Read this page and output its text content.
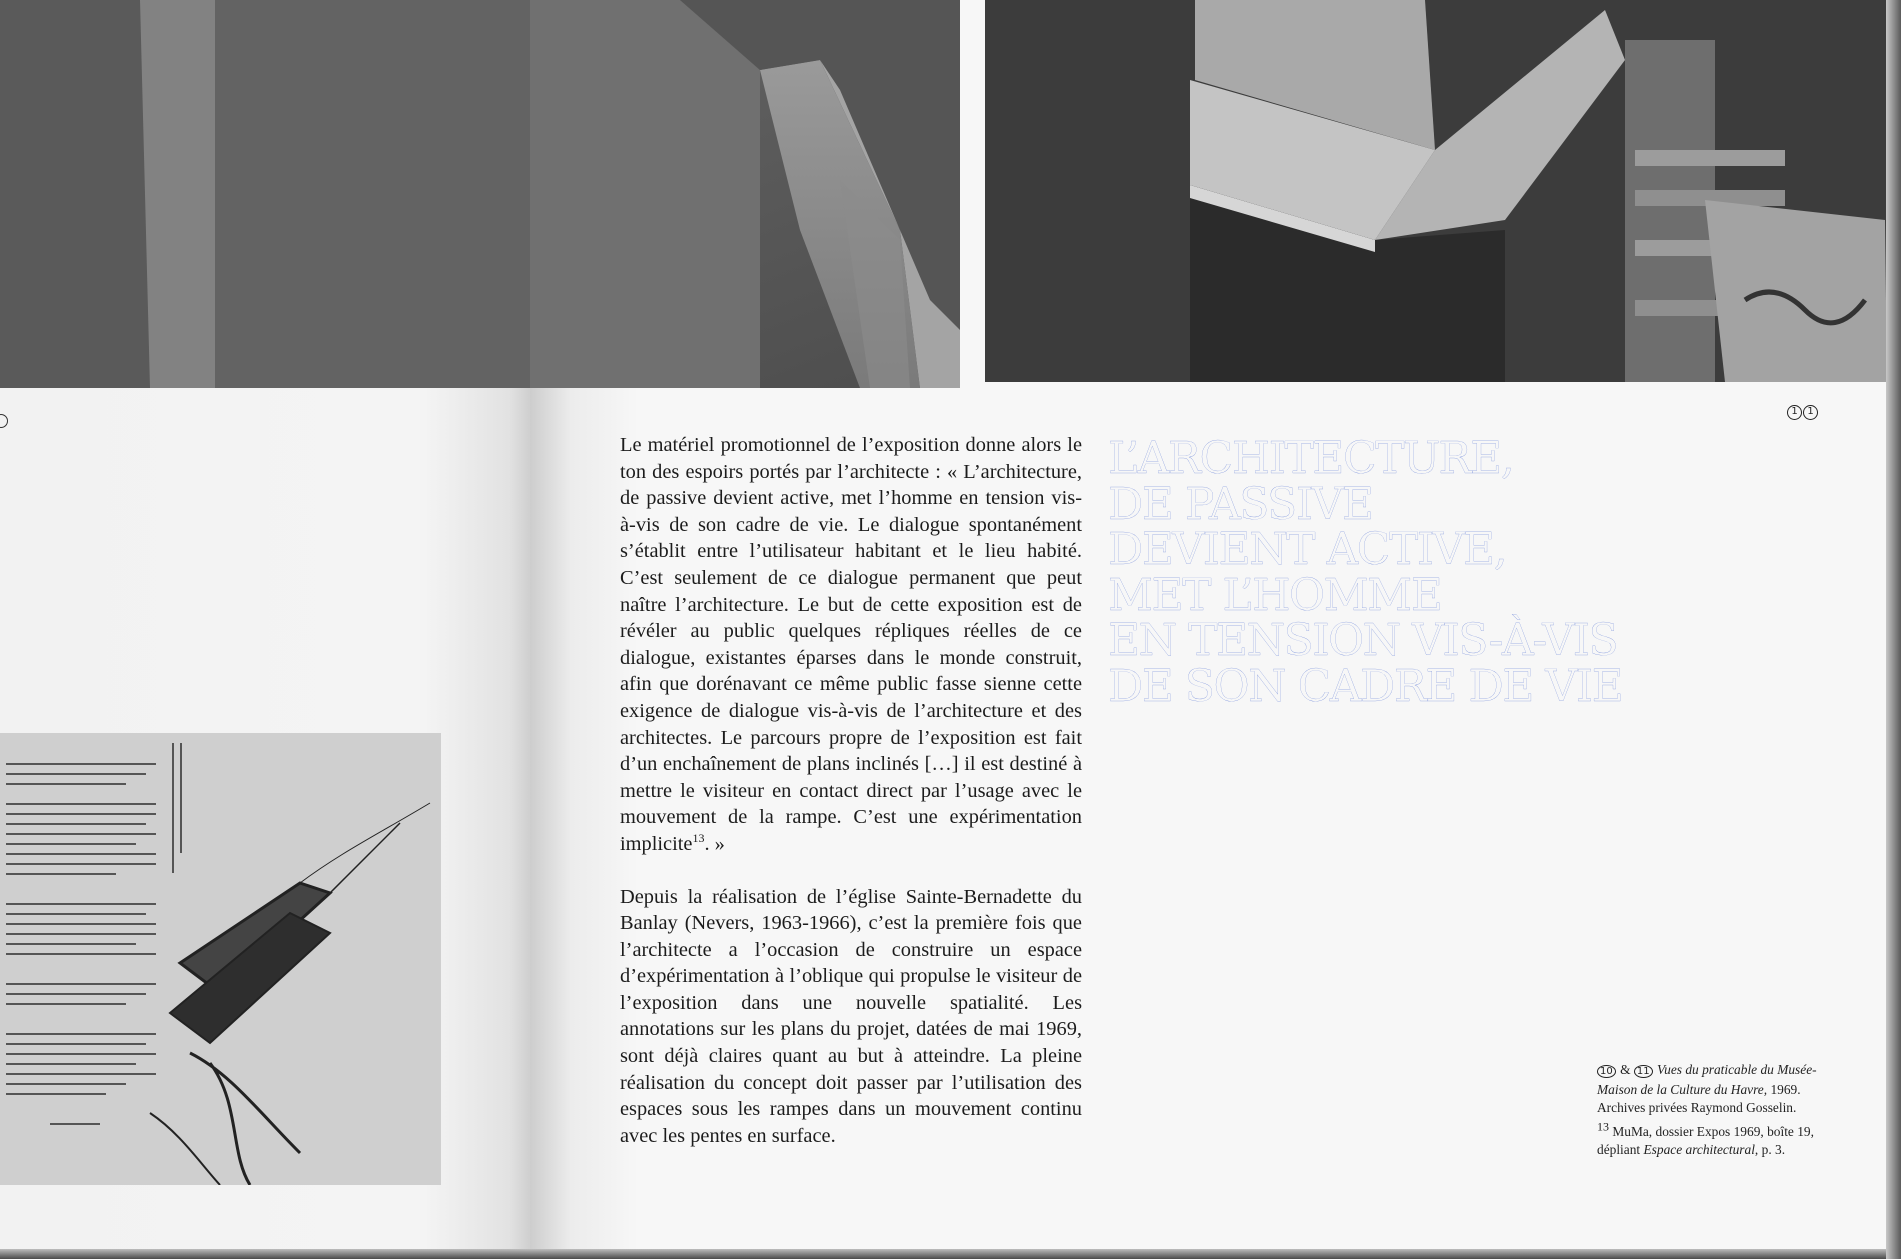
1 1

Le matériel promotionnel de l’exposition donne alors le ton des espoirs portés par l’architecte : « L’architecture, de passive devient active, met l’homme en tension vis-à-vis de son cadre de vie. Le dialogue spontanément s’établit entre l’utilisateur habitant et le lieu habité. C’est seulement de ce dialogue permanent que peut naître l’architecture. Le but de cette exposition est de révéler au public quelques répliques réelles de ce dialogue, existantes éparses dans le monde construit, afin que dorénavant ce même public fasse sienne cette exigence de dialogue vis-à-vis de l’architecture et des architectes. Le parcours propre de l’exposition est fait d’un enchaînement de plans inclinés […] il est destiné à mettre le visiteur en contact direct par l’usage avec le mouvement de la rampe. C’est une expérimentation implicite$^{13}$. »

Depuis la réalisation de l’église Sainte-Bernadette du Banlay (Nevers, 1963-1966), c’est la première fois que l’architecte a l’occasion de construire un espace d’expérimentation à l’oblique qui propulse le visiteur de l’exposition dans une nouvelle spatialité. Les annotations sur les plans du projet, datées de mai 1969, sont déjà claires quant au but à atteindre. La pleine réalisation du concept doit passer par l’utilisation des espaces sous les rampes dans un mouvement continu avec les pentes en surface.

L’ARCHITECTURE,
DE PASSIVE
DEVIENT ACTIVE,
MET L’HOMME
EN TENSION VIS-À-VIS
DE SON CADRE DE VIE

10 & 11 Vues du praticable du Musée-Maison de la Culture du Havre, 1969. Archives privées Raymond Gosselin.

$^{13}$ MuMa, dossier Expos 1969, boîte 19, dépliant Espace architectural, p. 3.
